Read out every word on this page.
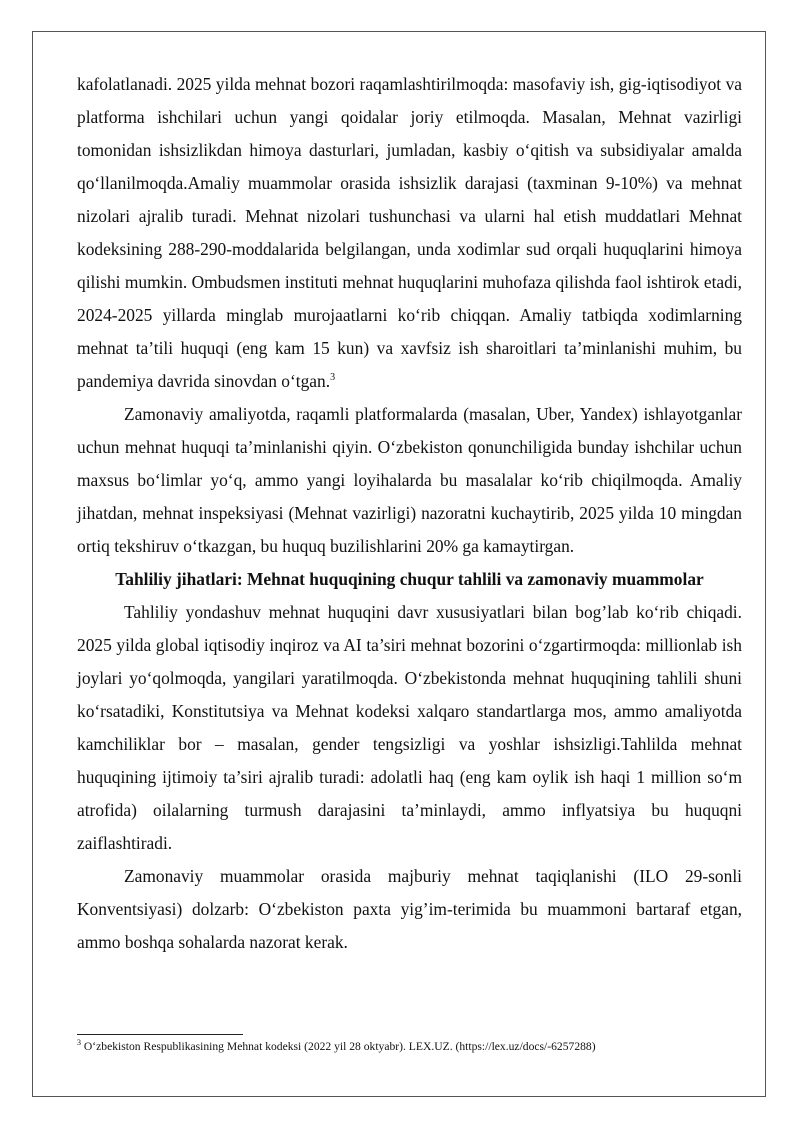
kafolatlanadi. 2025 yilda mehnat bozori raqamlashtirilmoqda: masofaviy ish, gig-iqtisodiyot va platforma ishchilari uchun yangi qoidalar joriy etilmoqda. Masalan, Mehnat vazirligi tomonidan ishsizlikdan himoya dasturlari, jumladan, kasbiy o‘qitish va subsidiyalar amalda qo‘llanilmoqda.Amaliy muammolar orasida ishsizlik darajasi (taxminan 9-10%) va mehnat nizolari ajralib turadi. Mehnat nizolari tushunchasi va ularni hal etish muddatlari Mehnat kodeksining 288-290-moddalarida belgilangan, unda xodimlar sud orqali huquqlarini himoya qilishi mumkin. Ombudsmen instituti mehnat huquqlarini muhofaza qilishda faol ishtirok etadi, 2024-2025 yillarda minglab murojaatlarni ko‘rib chiqqan. Amaliy tatbiqda xodimlarning mehnat ta’tili huquqi (eng kam 15 kun) va xavfsiz ish sharoitlari ta’minlanishi muhim, bu pandemiya davrida sinovdan o‘tgan.$^3$

Zamonaviy amaliyotda, raqamli platformalarda (masalan, Uber, Yandex) ishlayotganlar uchun mehnat huquqi ta’minlanishi qiyin. O‘zbekiston qonunchiligida bunday ishchilar uchun maxsus bo‘limlar yo‘q, ammo yangi loyihalarda bu masalalar ko‘rib chiqilmoqda. Amaliy jihatdan, mehnat inspeksiyasi (Mehnat vazirligi) nazoratni kuchaytirib, 2025 yilda 10 mingdan ortiq tekshiruv o‘tkazgan, bu huquq buzilishlarini 20% ga kamaytirgan.

Tahliliy jihatlari: Mehnat huquqining chuqur tahlili va zamonaviy muammolar

Tahliliy yondashuv mehnat huquqini davr xususiyatlari bilan bog’lab ko‘rib chiqadi. 2025 yilda global iqtisodiy inqiroz va AI ta’siri mehnat bozorini o‘zgartirmoqda: millionlab ish joylari yo‘qolmoqda, yangilari yaratilmoqda. O‘zbekistonda mehnat huquqining tahlili shuni ko‘rsatadiki, Konstitutsiya va Mehnat kodeksi xalqaro standartlarga mos, ammo amaliyotda kamchiliklar bor – masalan, gender tengsizligi va yoshlar ishsizligi.Tahlilda mehnat huquqining ijtimoiy ta’siri ajralib turadi: adolatli haq (eng kam oylik ish haqi 1 million so‘m atrofida) oilalarning turmush darajasini ta’minlaydi, ammo inflyatsiya bu huquqni zaiflashtiradi.

Zamonaviy muammolar orasida majburiy mehnat taqiqlanishi (ILO 29-sonli Konventsiyasi) dolzarb: O‘zbekiston paxta yig’im-terimida bu muammoni bartaraf etgan, ammo boshqa sohalarda nazorat kerak.

$^3$ O‘zbekiston Respublikasining Mehnat kodeksi (2022 yil 28 oktyabr). LEX.UZ. (https://lex.uz/docs/-6257288)
